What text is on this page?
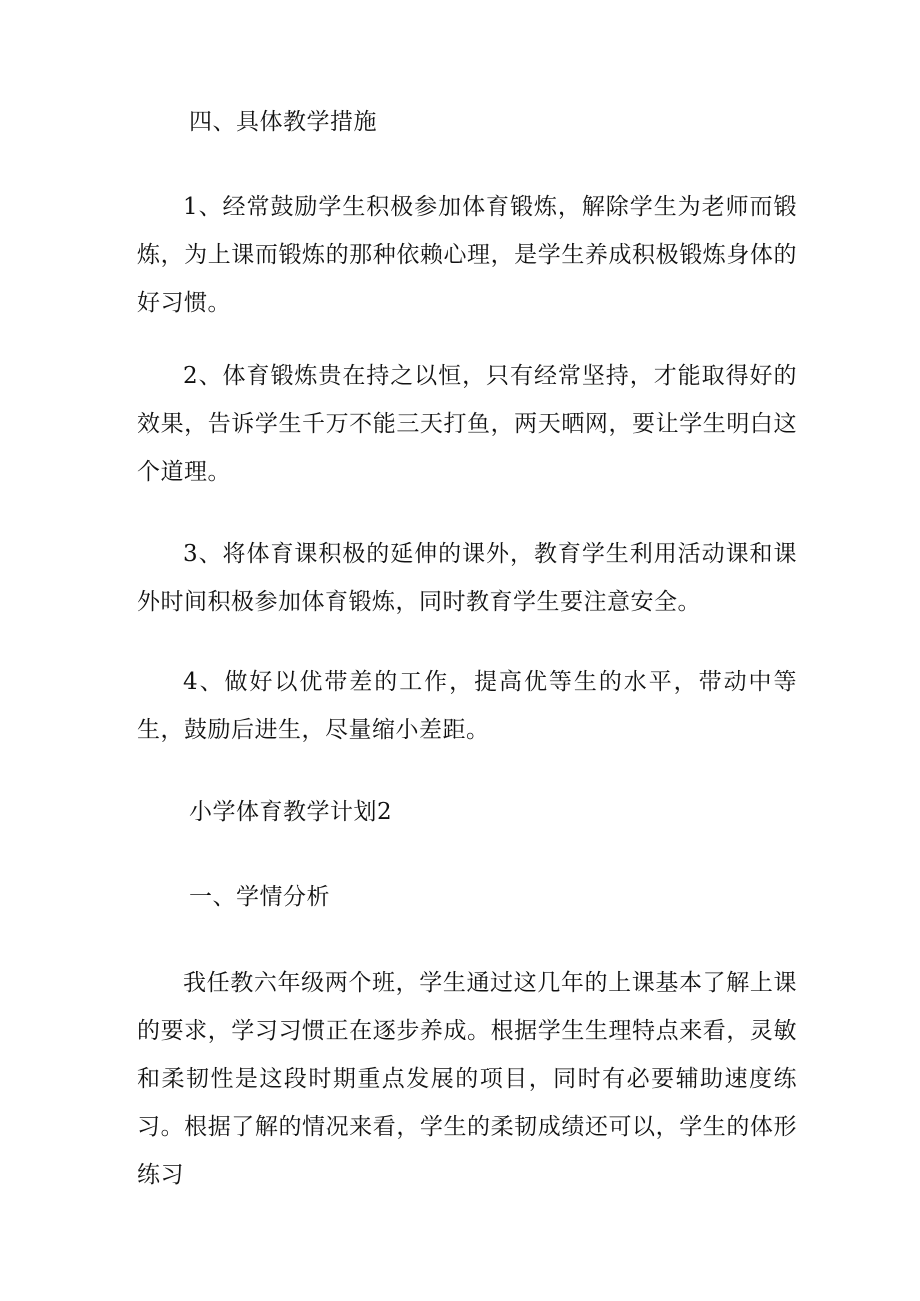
四、具体教学措施

1、经常鼓励学生积极参加体育锻炼，解除学生为老师而锻炼，为上课而锻炼的那种依赖心理，是学生养成积极锻炼身体的好习惯。

2、体育锻炼贵在持之以恒，只有经常坚持，才能取得好的效果，告诉学生千万不能三天打鱼，两天晒网，要让学生明白这个道理。

3、将体育课积极的延伸的课外，教育学生利用活动课和课外时间积极参加体育锻炼，同时教育学生要注意安全。

4、做好以优带差的工作，提高优等生的水平，带动中等生，鼓励后进生，尽量缩小差距。

小学体育教学计划2

一、学情分析

我任教六年级两个班，学生通过这几年的上课基本了解上课的要求，学习习惯正在逐步养成。根据学生生理特点来看，灵敏和柔韧性是这段时期重点发展的项目，同时有必要辅助速度练习。根据了解的情况来看，学生的柔韧成绩还可以，学生的体形练习
